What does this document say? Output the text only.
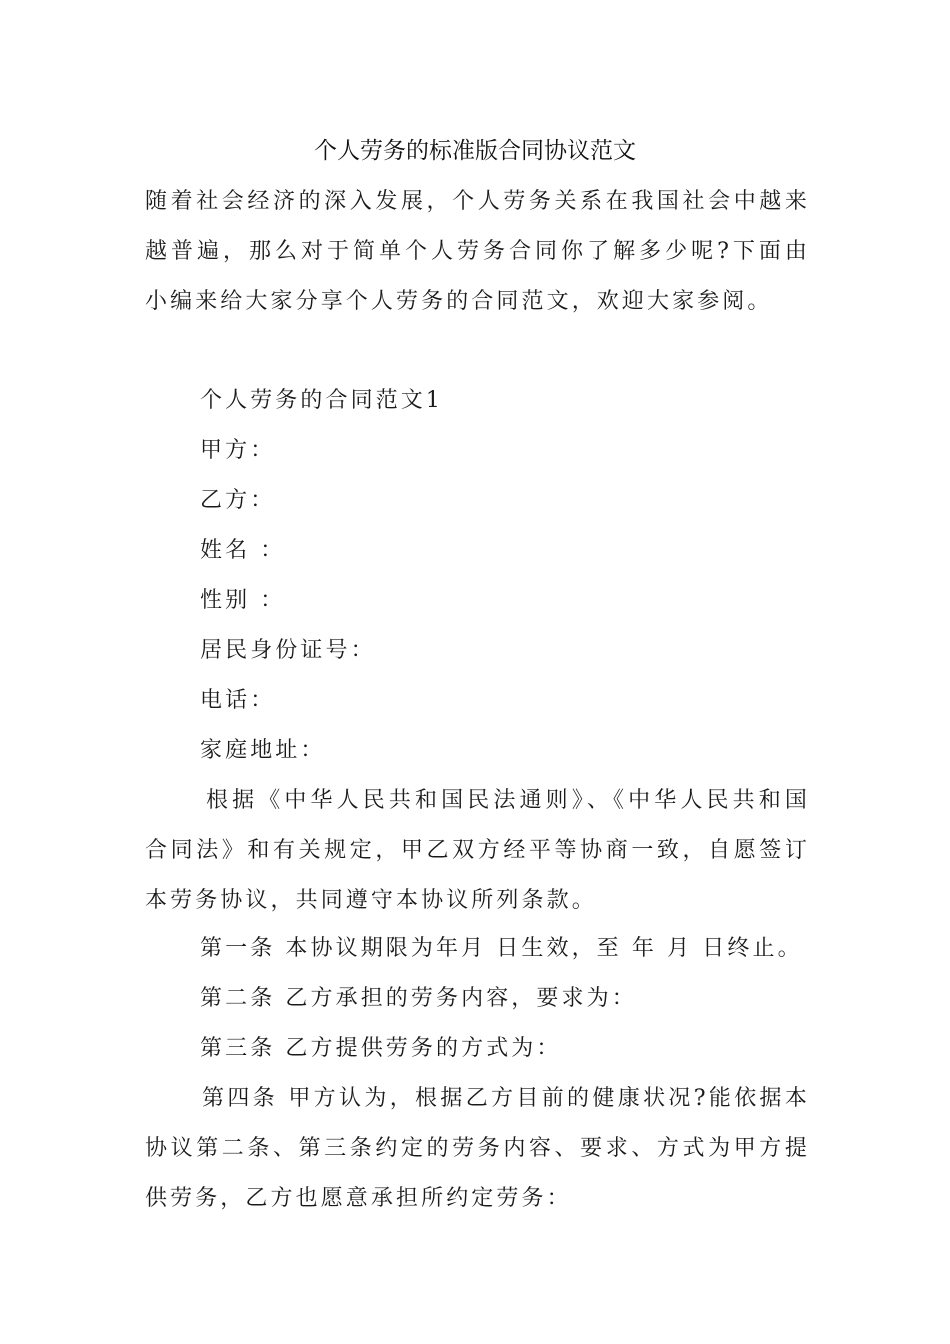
个人劳务的标准版合同协议范文

随着社会经济的深入发展，个人劳务关系在我国社会中越来越普遍，那么对于简单个人劳务合同你了解多少呢?下面由小编来给大家分享个人劳务的合同范文，欢迎大家参阅。

个人劳务的合同范文1

甲方：

乙方：

姓名 ：

性别 ：

居民身份证号：

电话：

家庭地址：

根据《中华人民共和国民法通则》、《中华人民共和国合同法》和有关规定，甲乙双方经平等协商一致，自愿签订本劳务协议，共同遵守本协议所列条款。

第一条 本协议期限为年月 日生效，至 年 月 日终止。

第二条 乙方承担的劳务内容，要求为：

第三条 乙方提供劳务的方式为：

第四条 甲方认为，根据乙方目前的健康状况?能依据本协议第二条、第三条约定的劳务内容、要求、方式为甲方提供劳务，乙方也愿意承担所约定劳务：
